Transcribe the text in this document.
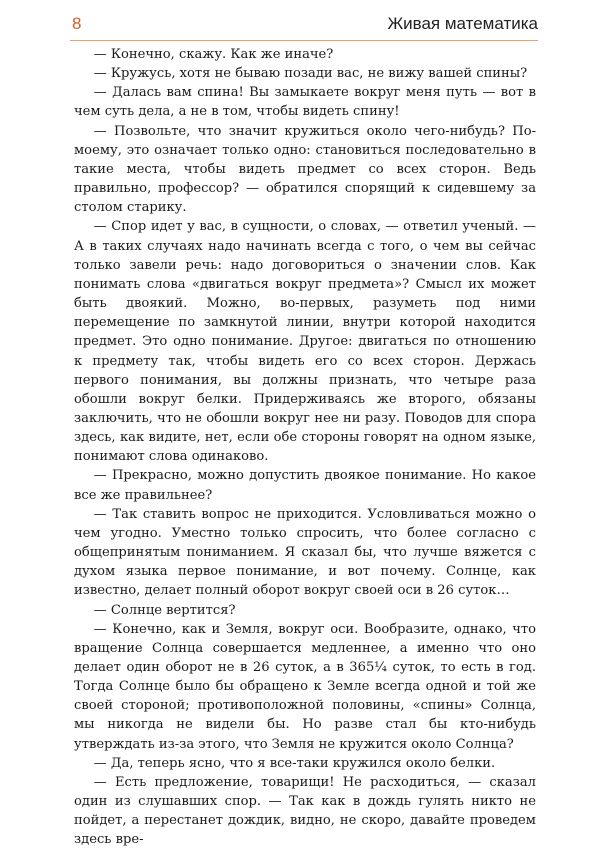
8	Живая математика

— Конечно, скажу. Как же иначе?

— Кружусь, хотя не бываю позади вас, не вижу вашей спины?

— Далась вам спина! Вы замыкаете вокруг меня путь — вот в чем суть дела, а не в том, чтобы видеть спину!

— Позвольте, что значит кружиться около чего-нибудь? По-моему, это означает только одно: становиться последовательно в такие места, чтобы видеть предмет со всех сторон. Ведь правильно, профессор? — обратился спорящий к сидевшему за столом старику.

— Спор идет у вас, в сущности, о словах, — ответил ученый. — А в таких случаях надо начинать всегда с того, о чем вы сейчас только завели речь: надо договориться о значении слов. Как понимать слова «двигаться вокруг предмета»? Смысл их может быть двоякий. Можно, во-первых, разуметь под ними перемещение по замкнутой линии, внутри которой находится предмет. Это одно понимание. Другое: двигаться по отношению к предмету так, чтобы видеть его со всех сторон. Держась первого понимания, вы должны признать, что четыре раза обошли вокруг белки. Придерживаясь же второго, обязаны заключить, что не обошли вокруг нее ни разу. Поводов для спора здесь, как видите, нет, если обе стороны говорят на одном языке, понимают слова одинаково.

— Прекрасно, можно допустить двоякое понимание. Но какое все же правильнее?

— Так ставить вопрос не приходится. Условливаться можно о чем угодно. Уместно только спросить, что более согласно с общепринятым пониманием. Я сказал бы, что лучше вяжется с духом языка первое понимание, и вот почему. Солнце, как известно, делает полный оборот вокруг своей оси в 26 суток…

— Солнце вертится?

— Конечно, как и Земля, вокруг оси. Вообразите, однако, что вращение Солнца совершается медленнее, а именно что оно делает один оборот не в 26 суток, а в 365¼ суток, то есть в год. Тогда Солнце было бы обращено к Земле всегда одной и той же своей стороной; противоположной половины, «спины» Солнца, мы никогда не видели бы. Но разве стал бы кто-нибудь утверждать из-за этого, что Земля не кружится около Солнца?

— Да, теперь ясно, что я все-таки кружился около белки.

— Есть предложение, товарищи! Не расходиться, — сказал один из слушавших спор. — Так как в дождь гулять никто не пойдет, а перестанет дождик, видно, не скоро, давайте проведем здесь вре-
